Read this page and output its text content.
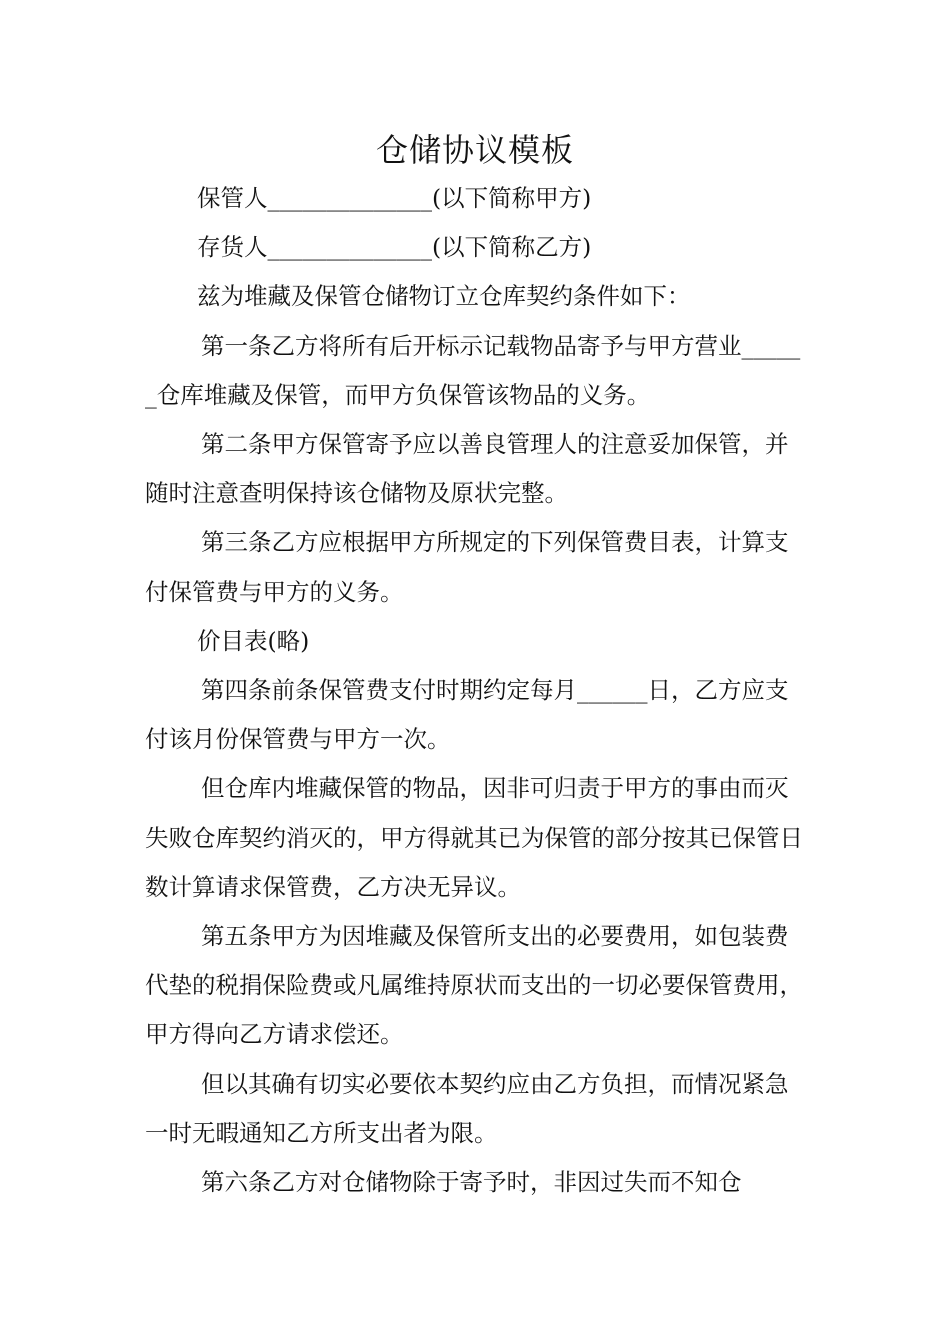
仓储协议模板

保管人______________(以下简称甲方)

存货人______________(以下简称乙方)

兹为堆藏及保管仓储物订立仓库契约条件如下：

第一条乙方将所有后开标示记载物品寄予与甲方营业______仓库堆藏及保管，而甲方负保管该物品的义务。

第二条甲方保管寄予应以善良管理人的注意妥加保管，并随时注意查明保持该仓储物及原状完整。

第三条乙方应根据甲方所规定的下列保管费目表，计算支付保管费与甲方的义务。

价目表(略)

第四条前条保管费支付时期约定每月______日，乙方应支付该月份保管费与甲方一次。

但仓库内堆藏保管的物品，因非可归责于甲方的事由而灭失败仓库契约消灭的，甲方得就其已为保管的部分按其已保管日数计算请求保管费，乙方决无异议。

第五条甲方为因堆藏及保管所支出的必要费用，如包装费代垫的税捐保险费或凡属维持原状而支出的一切必要保管费用，甲方得向乙方请求偿还。

但以其确有切实必要依本契约应由乙方负担，而情况紧急一时无暇通知乙方所支出者为限。

第六条乙方对仓储物除于寄予时，非因过失而不知仓
